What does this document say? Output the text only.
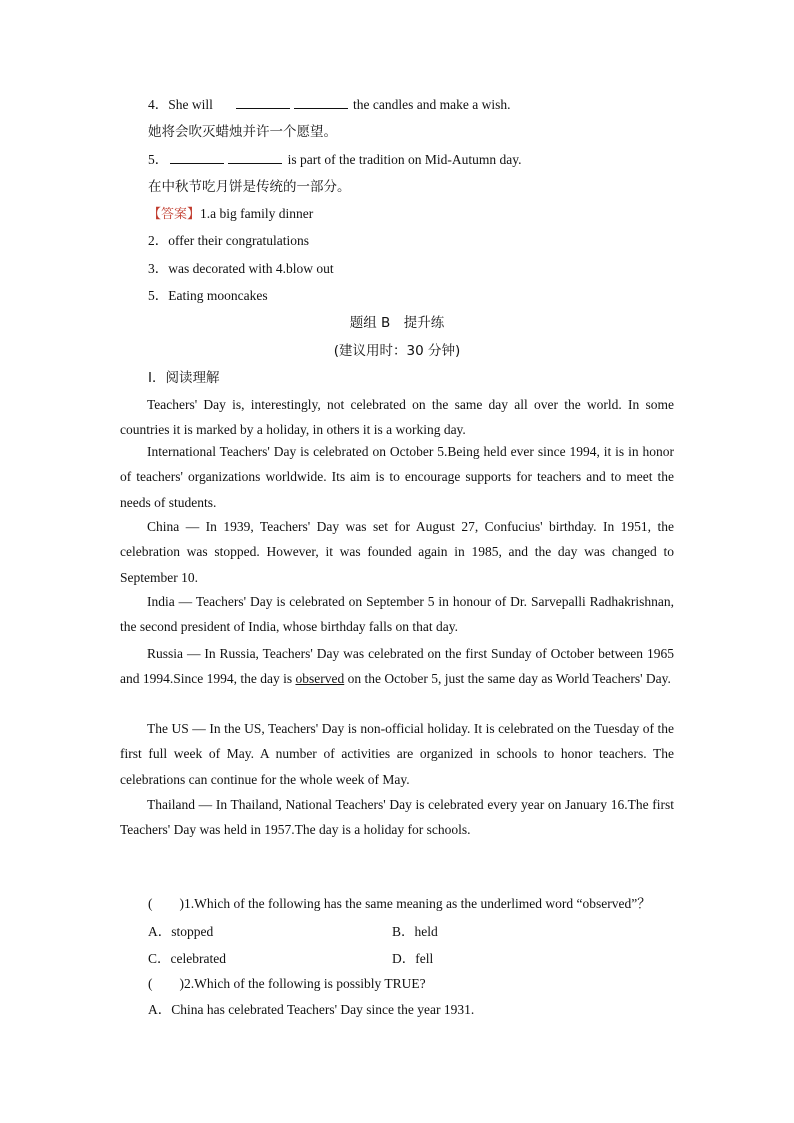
4．She will	the candles and make a wish.
她将会吹灭蜡烛并许一个愿望。
5．	is part of the tradition on Mid-Autumn day.
在中秋节吃月饼是传统的一部分。
【答案】1.a big family dinner
2．offer their congratulations
3．was decorated with 4.blow out
5．Eating mooncakes
题组 B　提升练
(建议用时：30 分钟)
Ⅰ．阅读理解
Teachers' Day is, interestingly, not celebrated on the same day all over the world. In some countries it is marked by a holiday, in others it is a working day.
International Teachers' Day is celebrated on October 5.Being held ever since 1994, it is in honor of teachers' organizations worldwide. Its aim is to encourage supports for teachers and to meet the needs of students.
China — In 1939, Teachers' Day was set for August 27, Confucius' birthday. In 1951, the celebration was stopped. However, it was founded again in 1985, and the day was changed to September 10.
India — Teachers' Day is celebrated on September 5 in honour of Dr. Sarvepalli Radhakrishnan, the second president of India, whose birthday falls on that day.
Russia — In Russia, Teachers' Day was celebrated on the first Sunday of October between 1965 and 1994.Since 1994, the day is observed on the October 5, just the same day as World Teachers' Day.
The US — In the US, Teachers' Day is non-official holiday. It is celebrated on the Tuesday of the first full week of May. A number of activities are organized in schools to honor teachers. The celebrations can continue for the whole week of May.
Thailand — In Thailand, National Teachers' Day is celebrated every year on January 16.The first Teachers' Day was held in 1957.The day is a holiday for schools.
(　　)1.Which of the following has the same meaning as the underlimed word “observed”？
A．stopped	B．held
C．celebrated	D．fell
(　　)2.Which of the following is possibly TRUE?
A．China has celebrated Teachers' Day since the year 1931.
